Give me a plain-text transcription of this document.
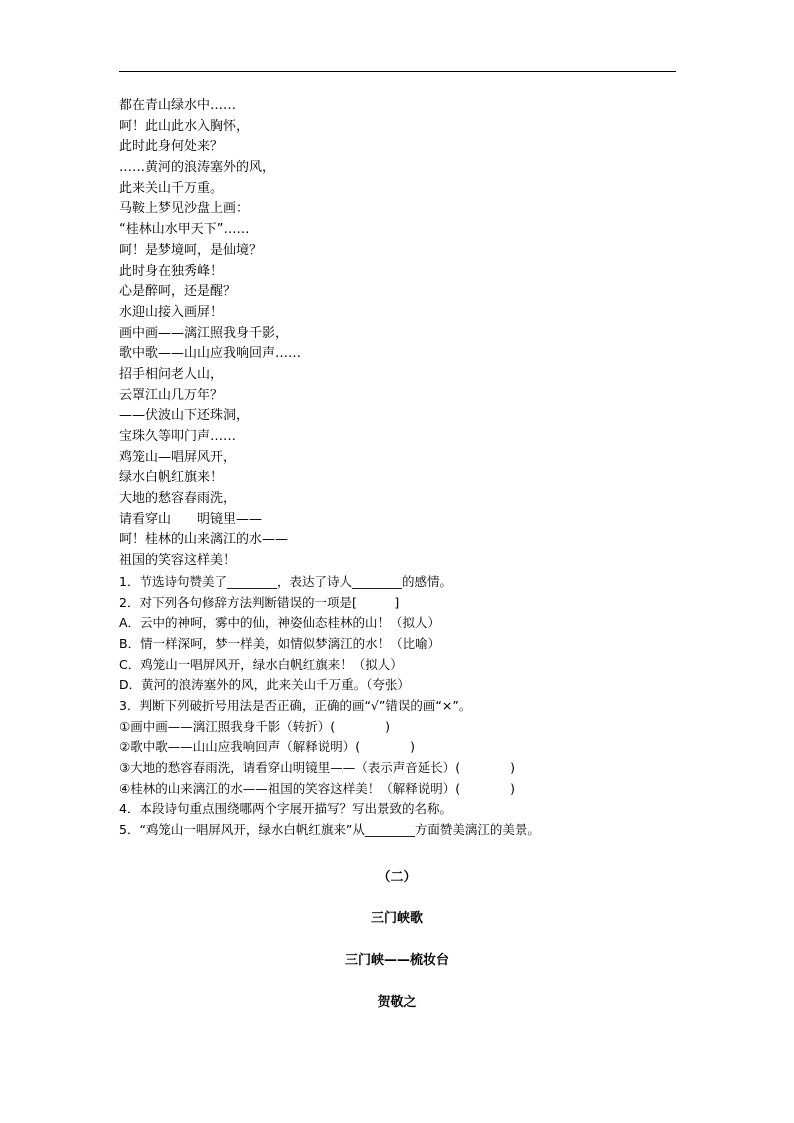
都在青山绿水中……
呵！此山此水入胸怀，
此时此身何处来？
……黄河的浪涛塞外的风，
此来关山千万重。
马鞍上梦见沙盘上画：
“桂林山水甲天下”……
呵！是梦境呵，是仙境？
此时身在独秀峰！
心是醉呵，还是醒？
水迎山接入画屏！
画中画——漓江照我身千影，
歌中歌——山山应我响回声……
招手相问老人山，
云罩江山几万年？
——伏波山下还珠洞，
宝珠久等叩门声……
鸡笼山—唱屏风开，
绿水白帆红旗来！
大地的愁容春雨洗，
请看穿山　　明镜里——
呵！桂林的山来漓江的水——
祖国的笑容这样美！
1．节选诗句赞美了________，表达了诗人________的感情。
2．对下列各句修辞方法判断错误的一项是[　　　]
A．云中的神呵，雾中的仙，神姿仙态桂林的山！（拟人）
B．情一样深呵，梦一样美，如情似梦漓江的水！（比喻）
C．鸡笼山一唱屏风开，绿水白帆红旗来！（拟人）
D．黄河的浪涛塞外的风，此来关山千万重。（夸张）
3．判断下列破折号用法是否正确，正确的画“√”错误的画“×”。
①画中画——漓江照我身千影（转折）(　　　　)
②歌中歌——山山应我响回声（解释说明）(　　　　)
③大地的愁容春雨洗，请看穿山明镜里——（表示声音延长）(　　　　)
④桂林的山来漓江的水——祖国的笑容这样美！（解释说明）(　　　　)
4．本段诗句重点围绕哪两个字展开描写？写出景致的名称。
5．“鸡笼山一唱屏风开，绿水白帆红旗来”从________方面赞美漓江的美景。
（二）
三门峡歌
三门峡——梳妆台
贺敬之
